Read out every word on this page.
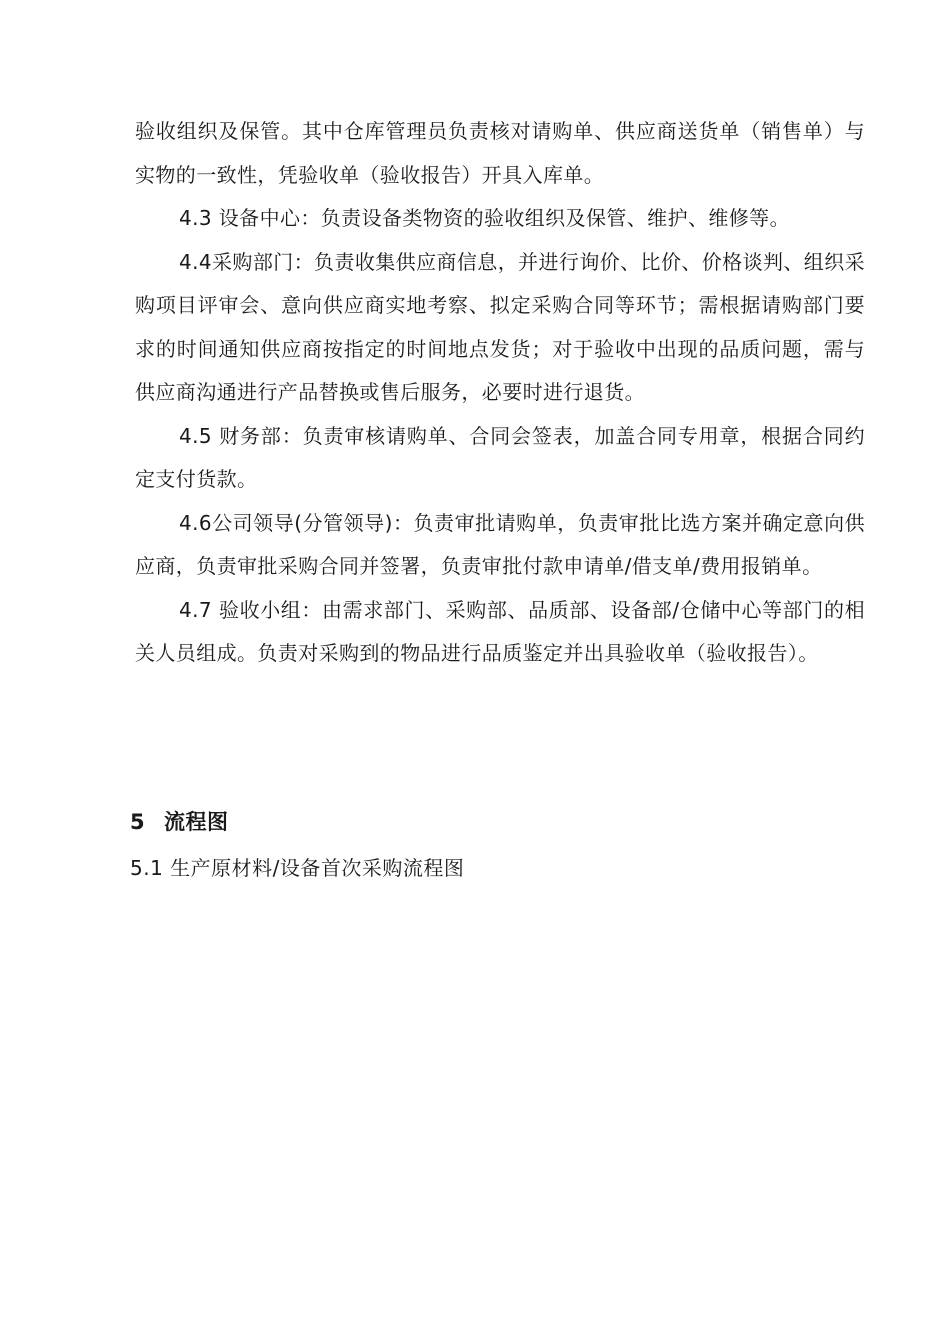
验收组织及保管。其中仓库管理员负责核对请购单、供应商送货单（销售单）与实物的一致性，凭验收单（验收报告）开具入库单。

4.3 设备中心：负责设备类物资的验收组织及保管、维护、维修等。

4.4采购部门：负责收集供应商信息，并进行询价、比价、价格谈判、组织采购项目评审会、意向供应商实地考察、拟定采购合同等环节；需根据请购部门要求的时间通知供应商按指定的时间地点发货；对于验收中出现的品质问题，需与供应商沟通进行产品替换或售后服务，必要时进行退货。

4.5 财务部：负责审核请购单、合同会签表，加盖合同专用章，根据合同约定支付货款。

4.6公司领导(分管领导)：负责审批请购单，负责审批比选方案并确定意向供应商，负责审批采购合同并签署，负责审批付款申请单/借支单/费用报销单。

4.7 验收小组：由需求部门、采购部、品质部、设备部/仓储中心等部门的相关人员组成。负责对采购到的物品进行品质鉴定并出具验收单（验收报告）。

5 流程图
5.1 生产原材料/设备首次采购流程图
